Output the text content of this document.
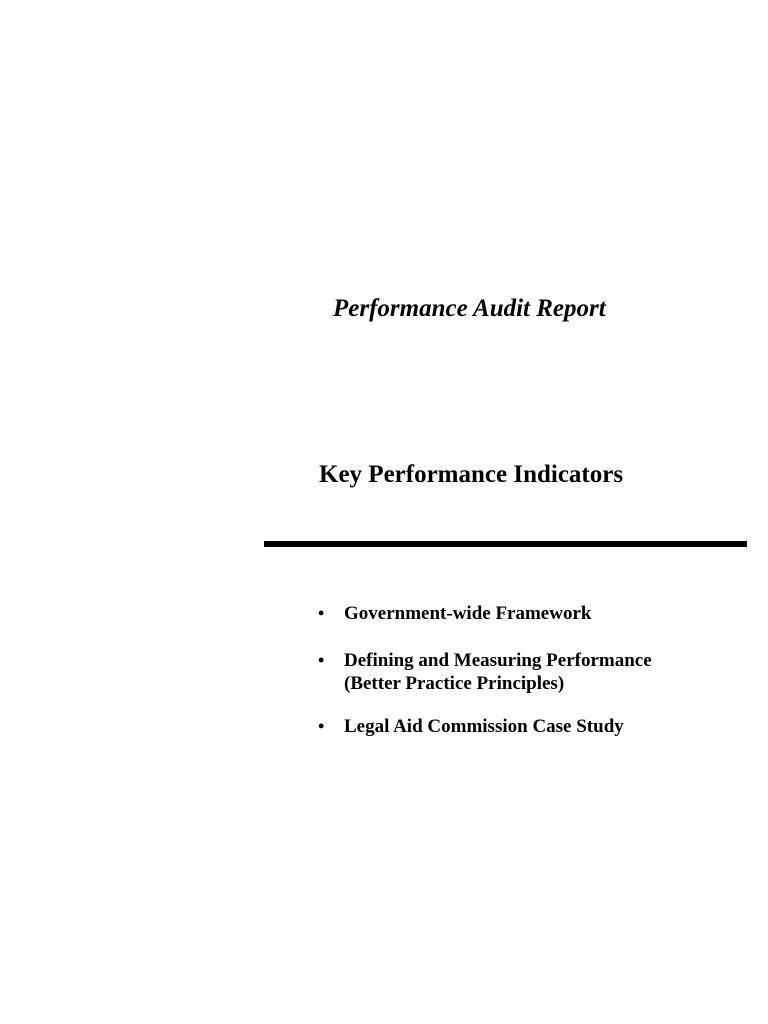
Performance Audit Report
Key Performance Indicators
• Government-wide Framework
• Defining and Measuring Performance
(Better Practice Principles)
• Legal Aid Commission Case Study
